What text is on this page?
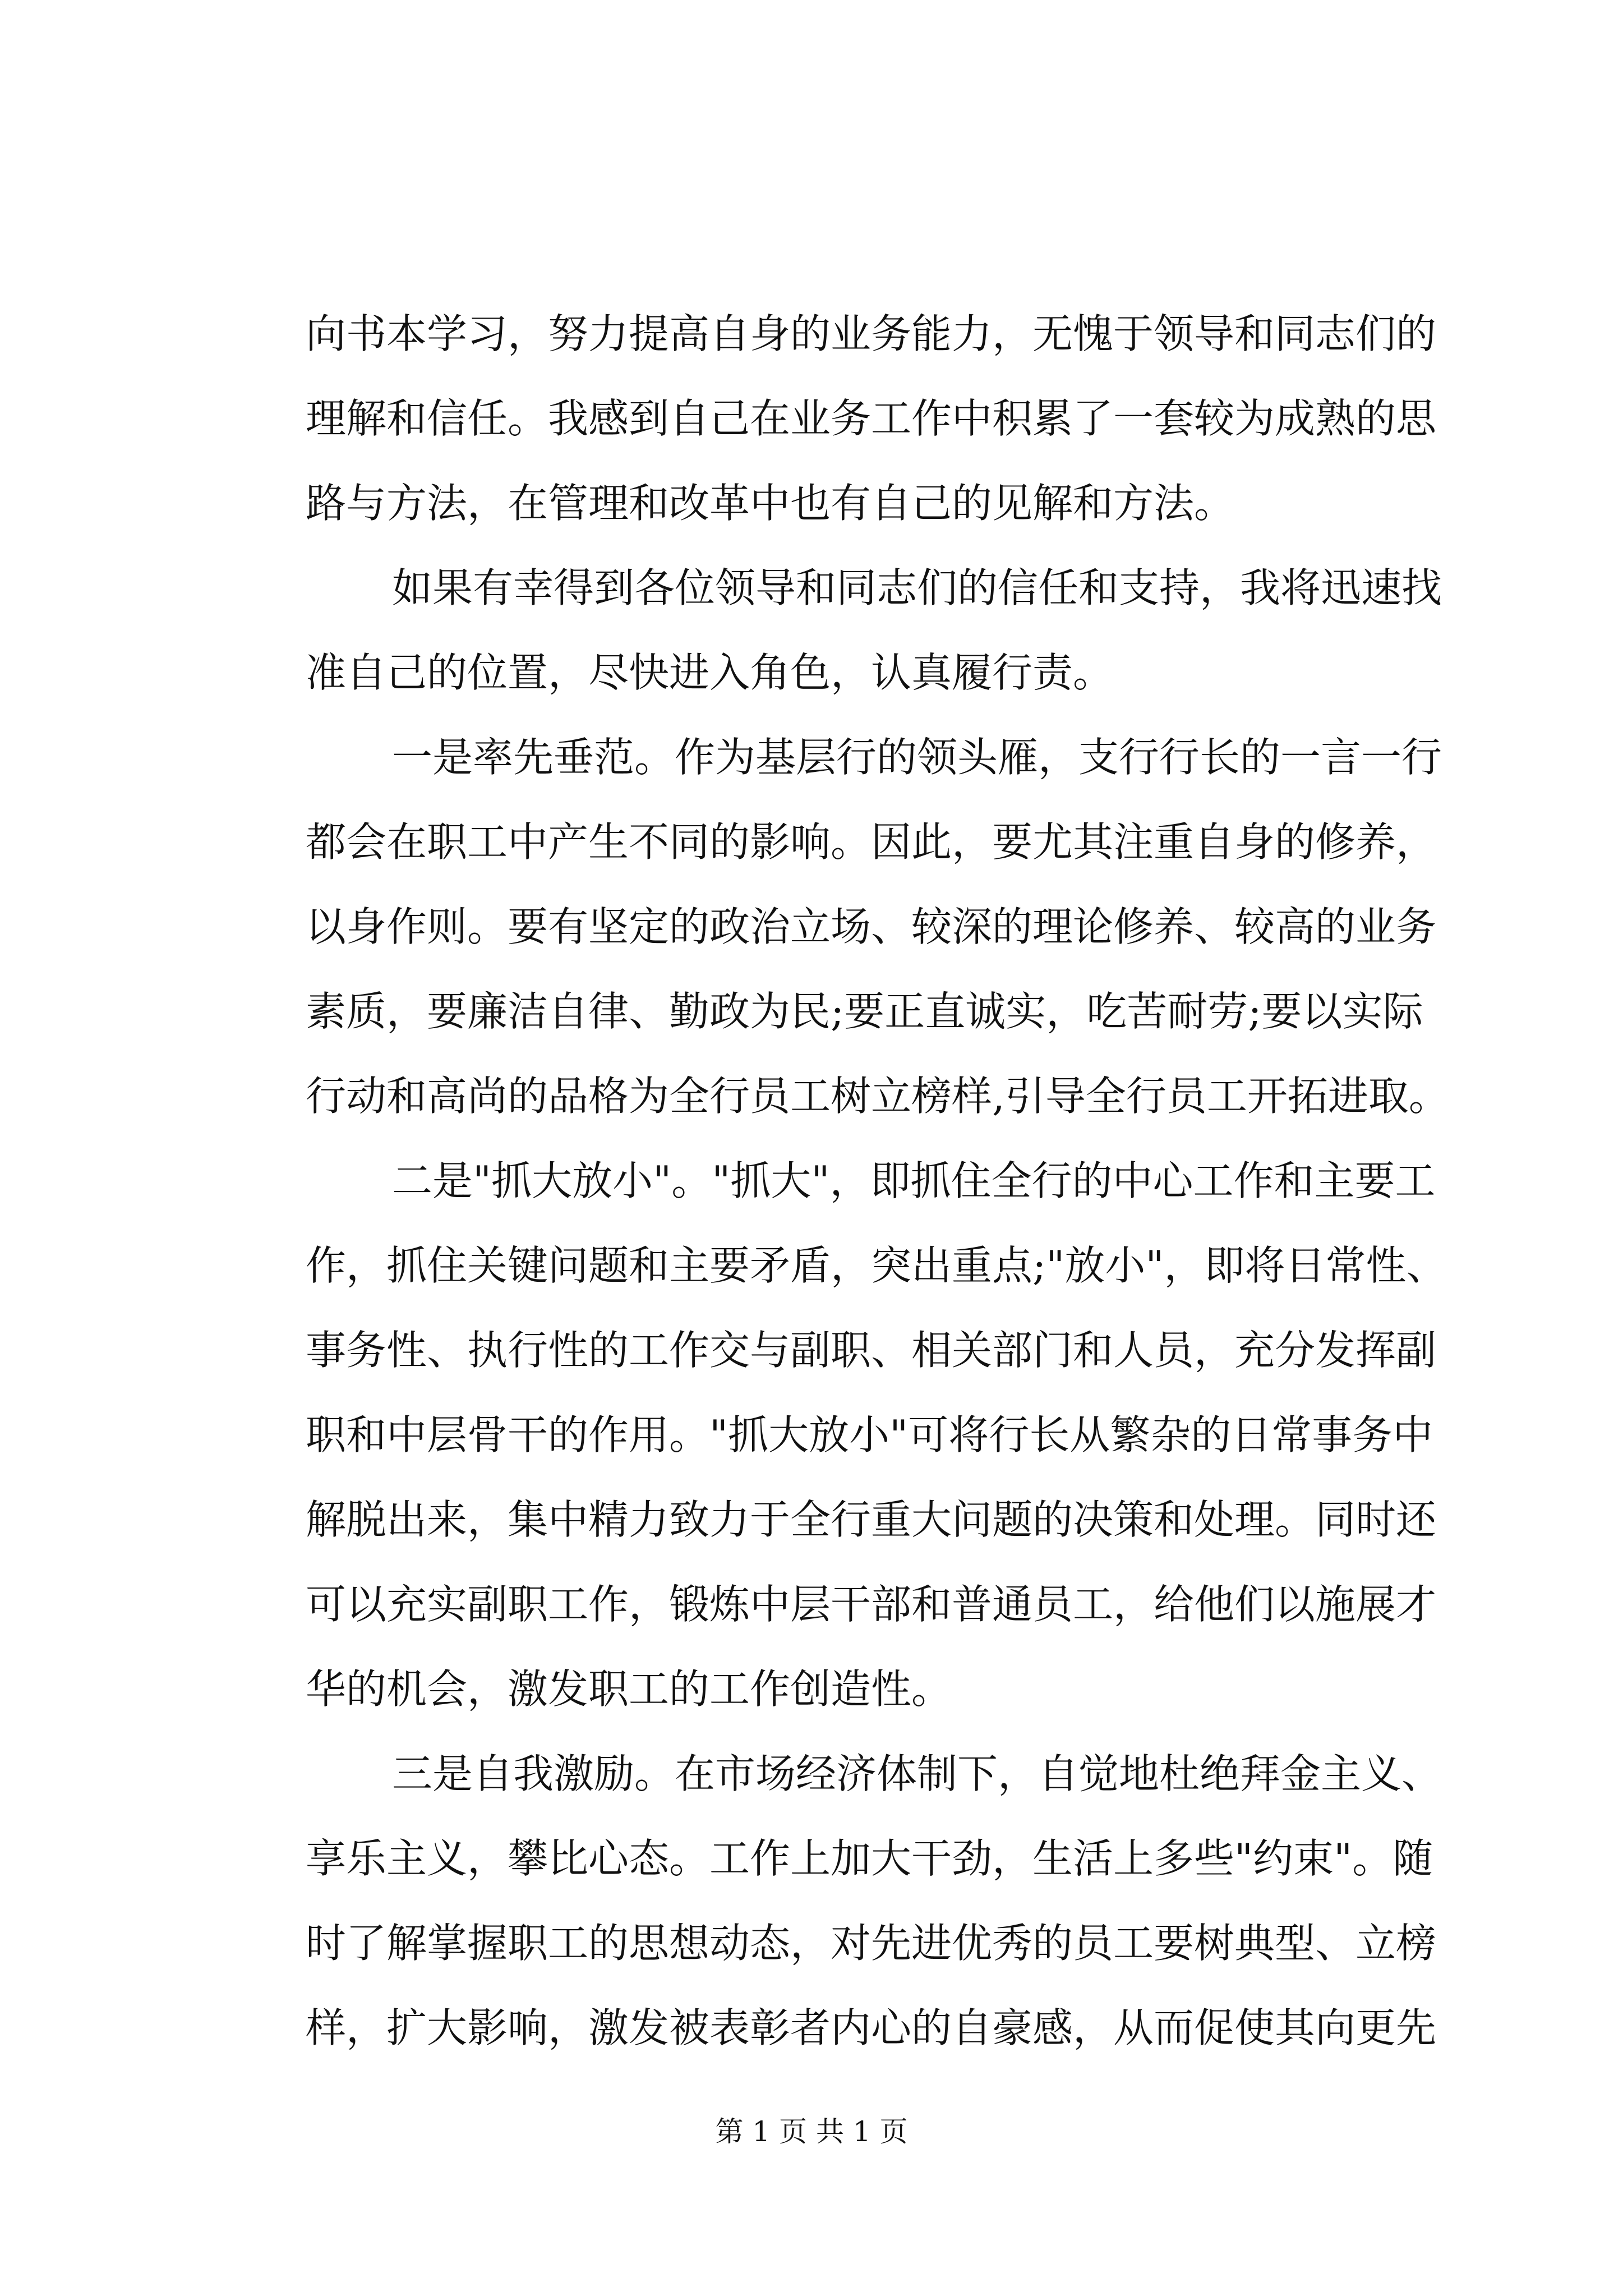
向书本学习，努力提高自身的业务能力，无愧于领导和同志们的
理解和信任。我感到自己在业务工作中积累了一套较为成熟的思
路与方法，在管理和改革中也有自己的见解和方法。
如果有幸得到各位领导和同志们的信任和支持，我将迅速找
准自己的位置，尽快进入角色，认真履行责。
一是率先垂范。作为基层行的领头雁，支行行长的一言一行
都会在职工中产生不同的影响。因此，要尤其注重自身的修养，
以身作则。要有坚定的政治立场、较深的理论修养、较高的业务
素质，要廉洁自律、勤政为民;要正直诚实，吃苦耐劳;要以实际
行动和高尚的品格为全行员工树立榜样,引导全行员工开拓进取。
二是"抓大放小"。"抓大"，即抓住全行的中心工作和主要工
作，抓住关键问题和主要矛盾，突出重点;"放小"，即将日常性、
事务性、执行性的工作交与副职、相关部门和人员，充分发挥副
职和中层骨干的作用。"抓大放小"可将行长从繁杂的日常事务中
解脱出来，集中精力致力于全行重大问题的决策和处理。同时还
可以充实副职工作，锻炼中层干部和普通员工，给他们以施展才
华的机会，激发职工的工作创造性。
三是自我激励。在市场经济体制下，自觉地杜绝拜金主义、
享乐主义，攀比心态。工作上加大干劲，生活上多些"约束"。随
时了解掌握职工的思想动态，对先进优秀的员工要树典型、立榜
样，扩大影响，激发被表彰者内心的自豪感，从而促使其向更先
第 1 页 共 1 页
